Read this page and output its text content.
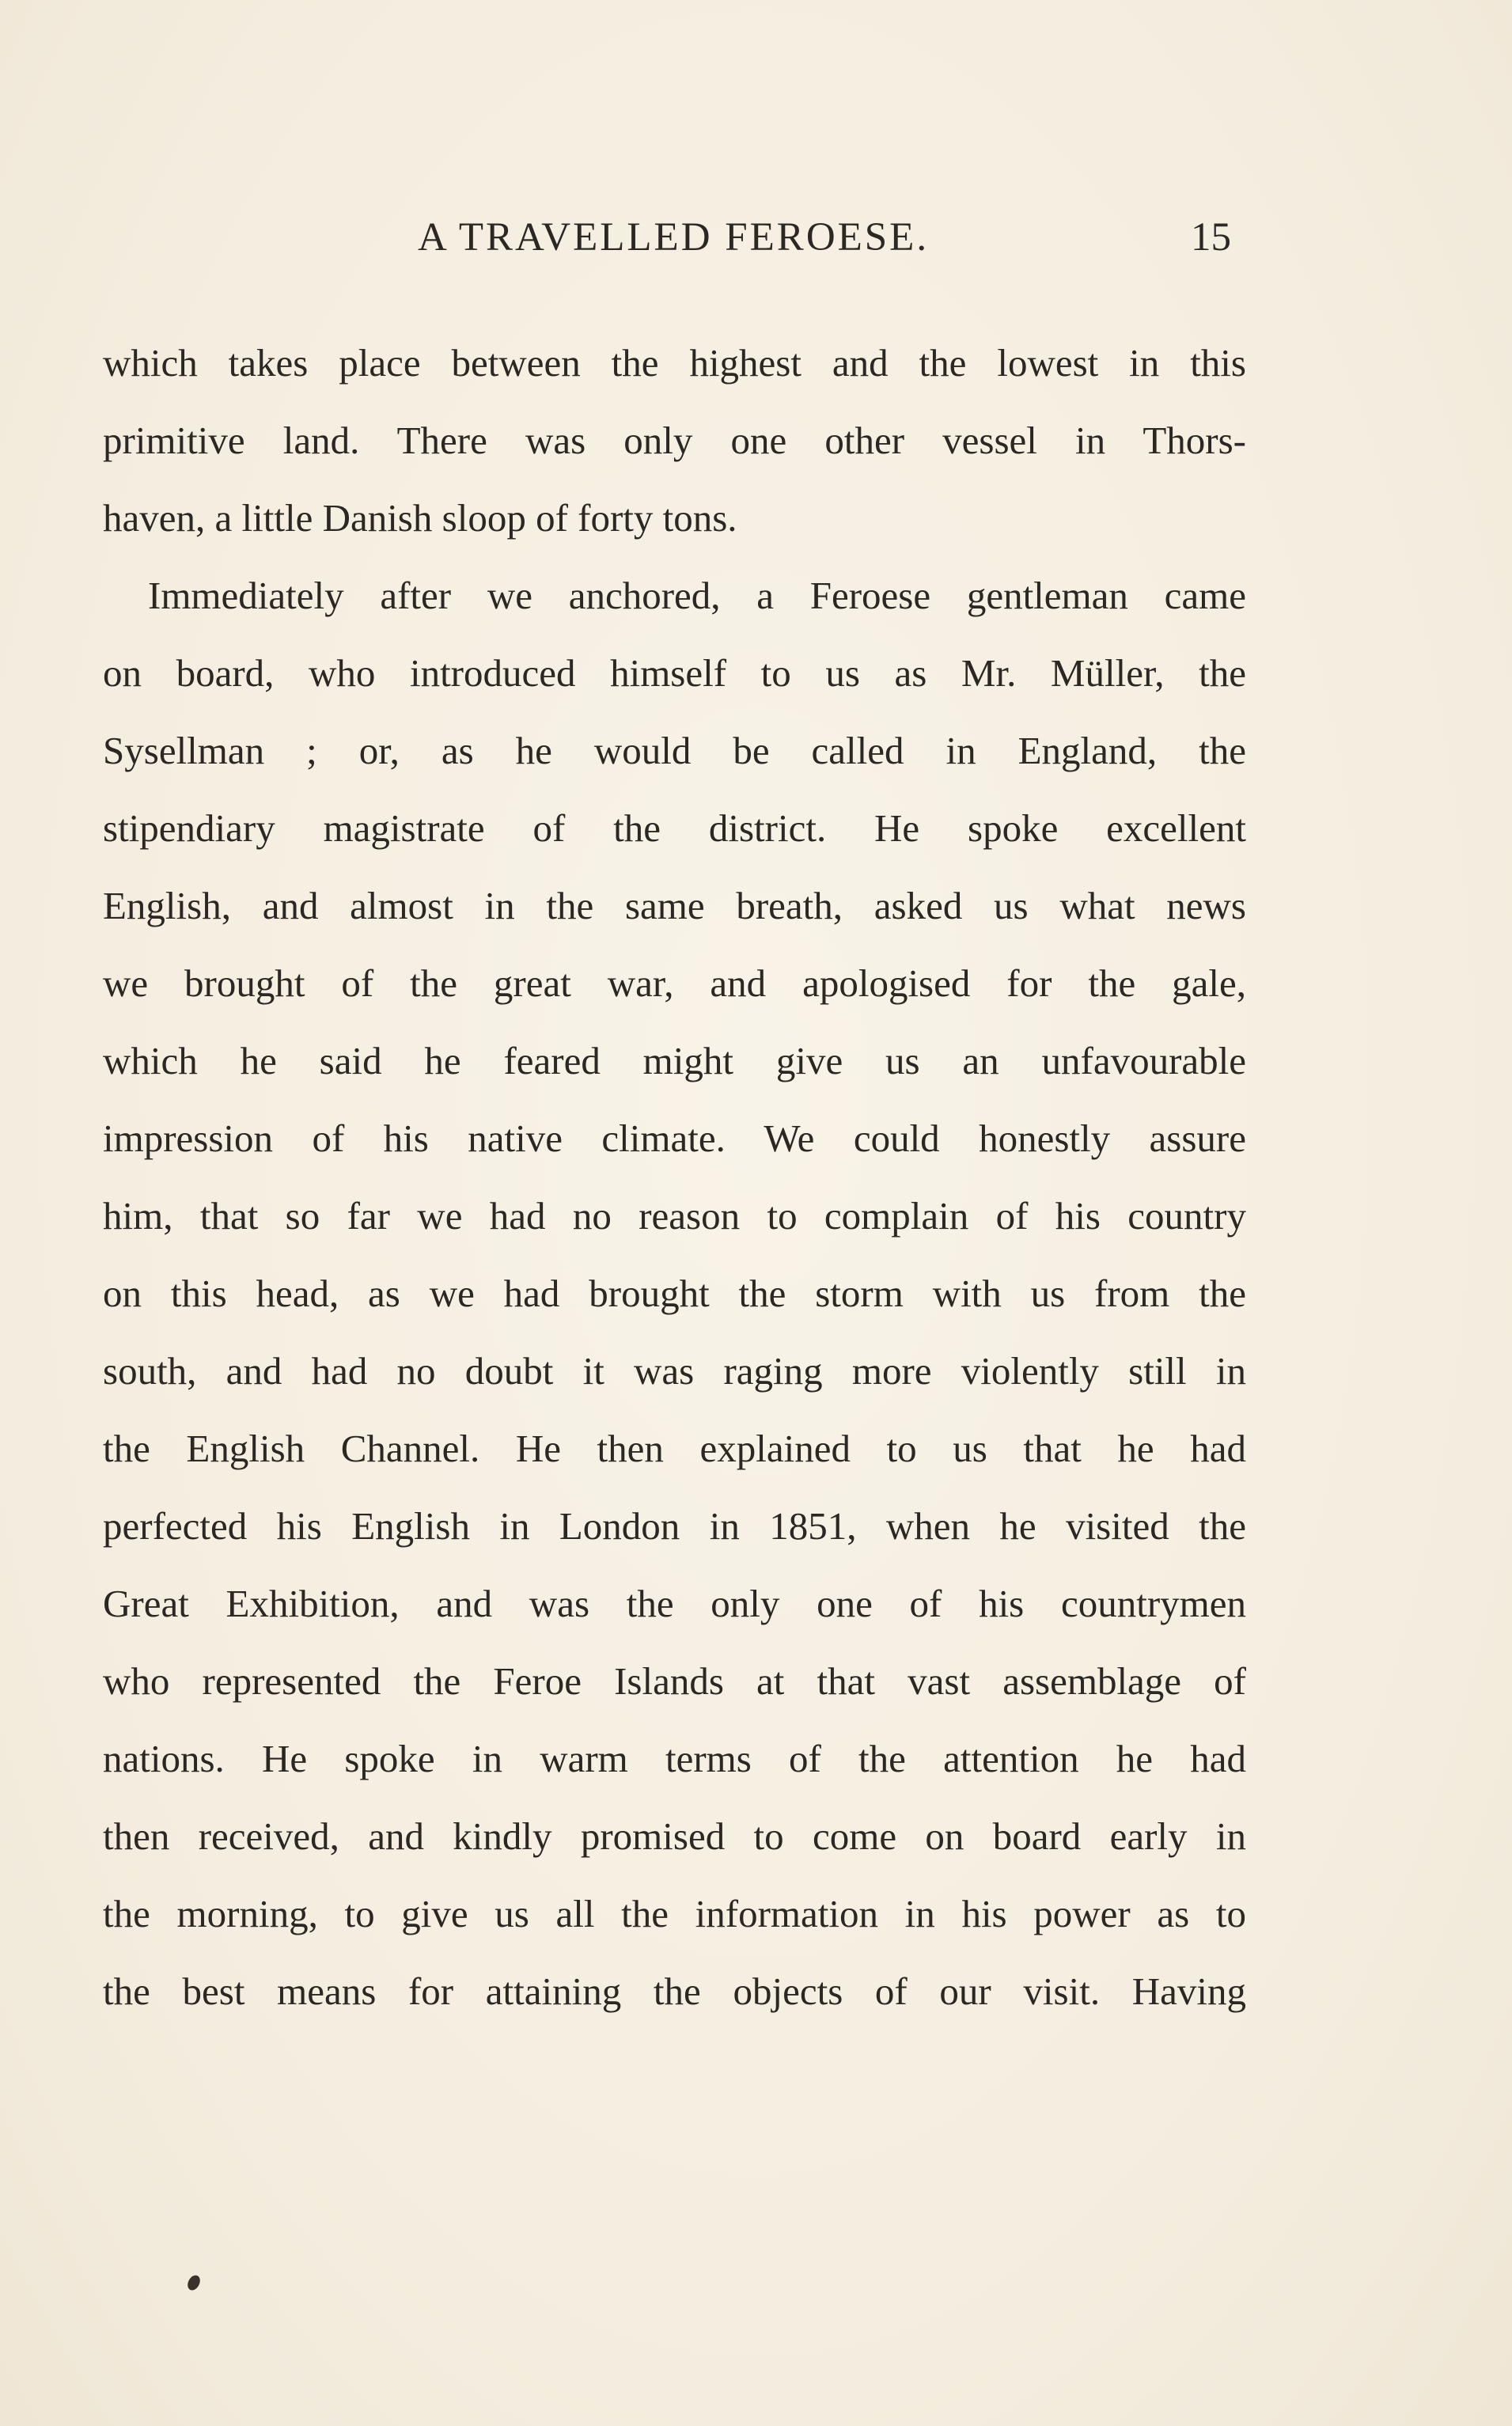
A TRAVELLED FEROESE.	15
which takes place between the highest and the lowest in this
primitive land. There was only one other vessel in Thors-
haven, a little Danish sloop of forty tons.
Immediately after we anchored, a Feroese gentleman came
on board, who introduced himself to us as Mr. Müller, the
Sysellman ; or, as he would be called in England, the
stipendiary magistrate of the district. He spoke excellent
English, and almost in the same breath, asked us what news
we brought of the great war, and apologised for the gale,
which he said he feared might give us an unfavourable
impression of his native climate. We could honestly assure
him, that so far we had no reason to complain of his country
on this head, as we had brought the storm with us from the
south, and had no doubt it was raging more violently still in
the English Channel. He then explained to us that he had
perfected his English in London in 1851, when he visited the
Great Exhibition, and was the only one of his countrymen
who represented the Feroe Islands at that vast assemblage of
nations. He spoke in warm terms of the attention he had
then received, and kindly promised to come on board early in
the morning, to give us all the information in his power as to
the best means for attaining the objects of our visit. Having
